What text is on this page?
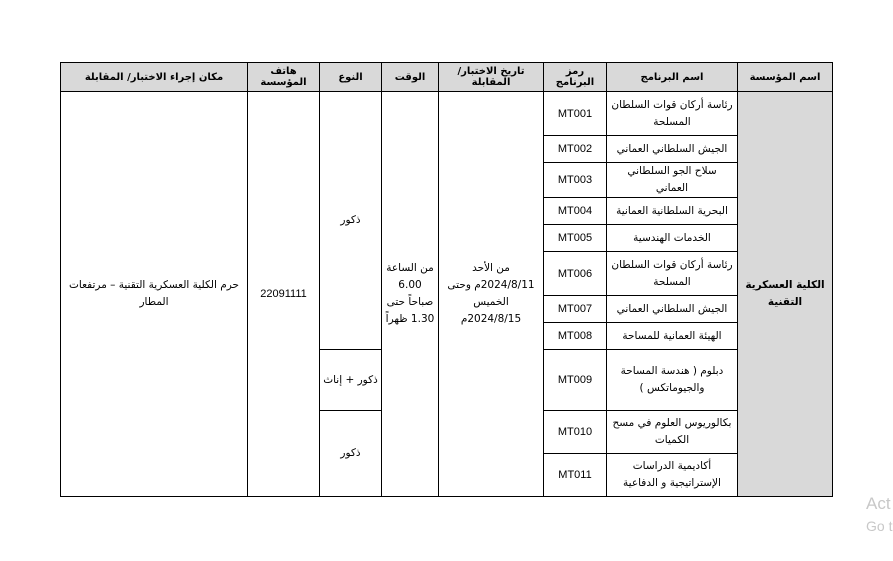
مكان إجراء الاختبار/ المقابلة	هاتف المؤسسة	النوع	الوقت	تاريخ الاختبار/المقابلة	رمز البرنامج	اسم البرنامج	اسم المؤسسة
حرم الكلية العسكرية التقنية – مرتفعات المطار	22091111	ذكور	من الساعة 6.00 صباحاً حتى 1.30 ظهراً	من الأحد 2024/8/11م وحتى الخميس 2024/8/15م	MT001	رئاسة أركان قوات السلطان المسلحة	الكلية العسكرية التقنية
					MT002	الجيش السلطاني العماني	
					MT003	سلاح الجو السلطاني العماني	
					MT004	البحرية السلطانية العمانية	
					MT005	الخدمات الهندسية	
					MT006	رئاسة أركان قوات السلطان المسلحة	
					MT007	الجيش السلطاني العماني	
					MT008	الهيئة العمانية للمساحة	
		ذكور + إناث			MT009	دبلوم ( هندسة المساحة والجيوماتكس )	
		ذكور			MT010	بكالوريوس العلوم في مسح الكميات	
					MT011	أكاديمية الدراسات الإستراتيجية و الدفاعية	
Act
Go t
